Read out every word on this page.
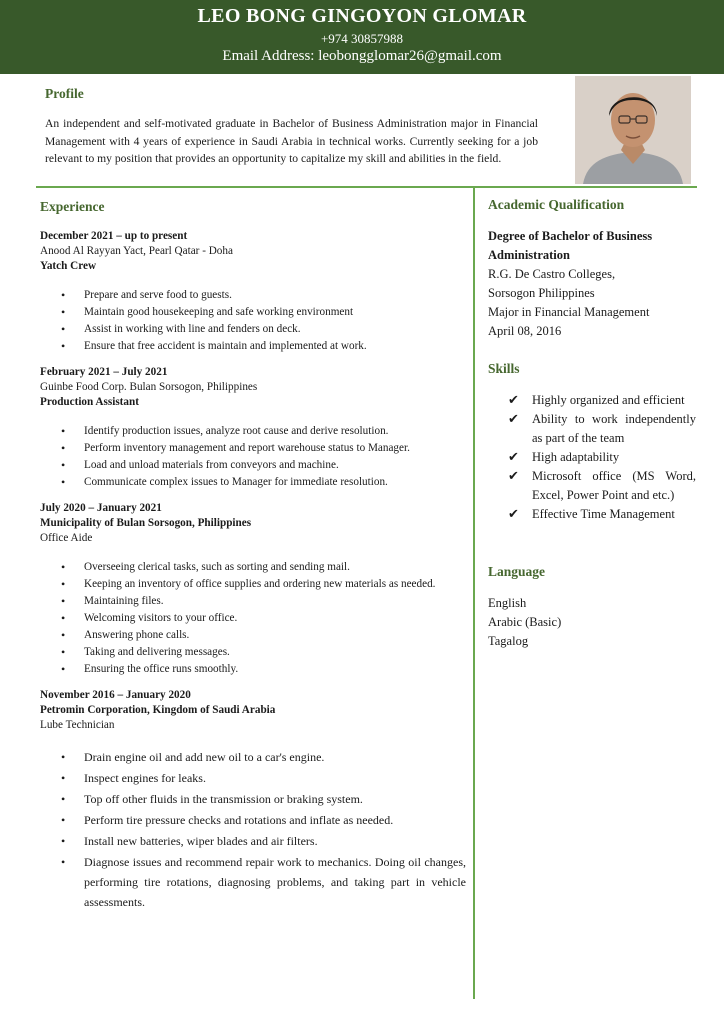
LEO BONG GINGOYON GLOMAR
+974 30857988
Email Address: leobongglomar26@gmail.com
Profile
An independent and self-motivated graduate in Bachelor of Business Administration major in Financial Management with 4 years of experience in Saudi Arabia in technical works. Currently seeking for a job relevant to my position that provides an opportunity to capitalize my skill and abilities in the field.
Experience
December 2021 – up to present
Anood Al Rayyan Yact, Pearl Qatar - Doha
Yatch Crew
• Prepare and serve food to guests.
• Maintain good housekeeping and safe working environment
• Assist in working with line and fenders on deck.
• Ensure that free accident is maintain and implemented at work.
February 2021 – July 2021
Guinbe Food Corp. Bulan Sorsogon, Philippines
Production Assistant
• Identify production issues, analyze root cause and derive resolution.
• Perform inventory management and report warehouse status to Manager.
• Load and unload materials from conveyors and machine.
• Communicate complex issues to Manager for immediate resolution.
July 2020 – January 2021
Municipality of Bulan Sorsogon, Philippines
Office Aide
• Overseeing clerical tasks, such as sorting and sending mail.
• Keeping an inventory of office supplies and ordering new materials as needed.
• Maintaining files.
• Welcoming visitors to your office.
• Answering phone calls.
• Taking and delivering messages.
• Ensuring the office runs smoothly.
November 2016 – January 2020
Petromin Corporation, Kingdom of Saudi Arabia
Lube Technician
• Drain engine oil and add new oil to a car's engine.
• Inspect engines for leaks.
• Top off other fluids in the transmission or braking system.
• Perform tire pressure checks and rotations and inflate as needed.
• Install new batteries, wiper blades and air filters.
• Diagnose issues and recommend repair work to mechanics. Doing oil changes, performing tire rotations, diagnosing problems, and taking part in vehicle assessments.
Academic Qualification
Degree of Bachelor of Business Administration
R.G. De Castro Colleges,
Sorsogon Philippines
Major in Financial Management
April 08, 2016
Skills
✔ Highly organized and efficient
✔ Ability to work independently as part of the team
✔ High adaptability
✔ Microsoft office (MS Word, Excel, Power Point and etc.)
✔ Effective Time Management
Language
English
Arabic (Basic)
Tagalog
